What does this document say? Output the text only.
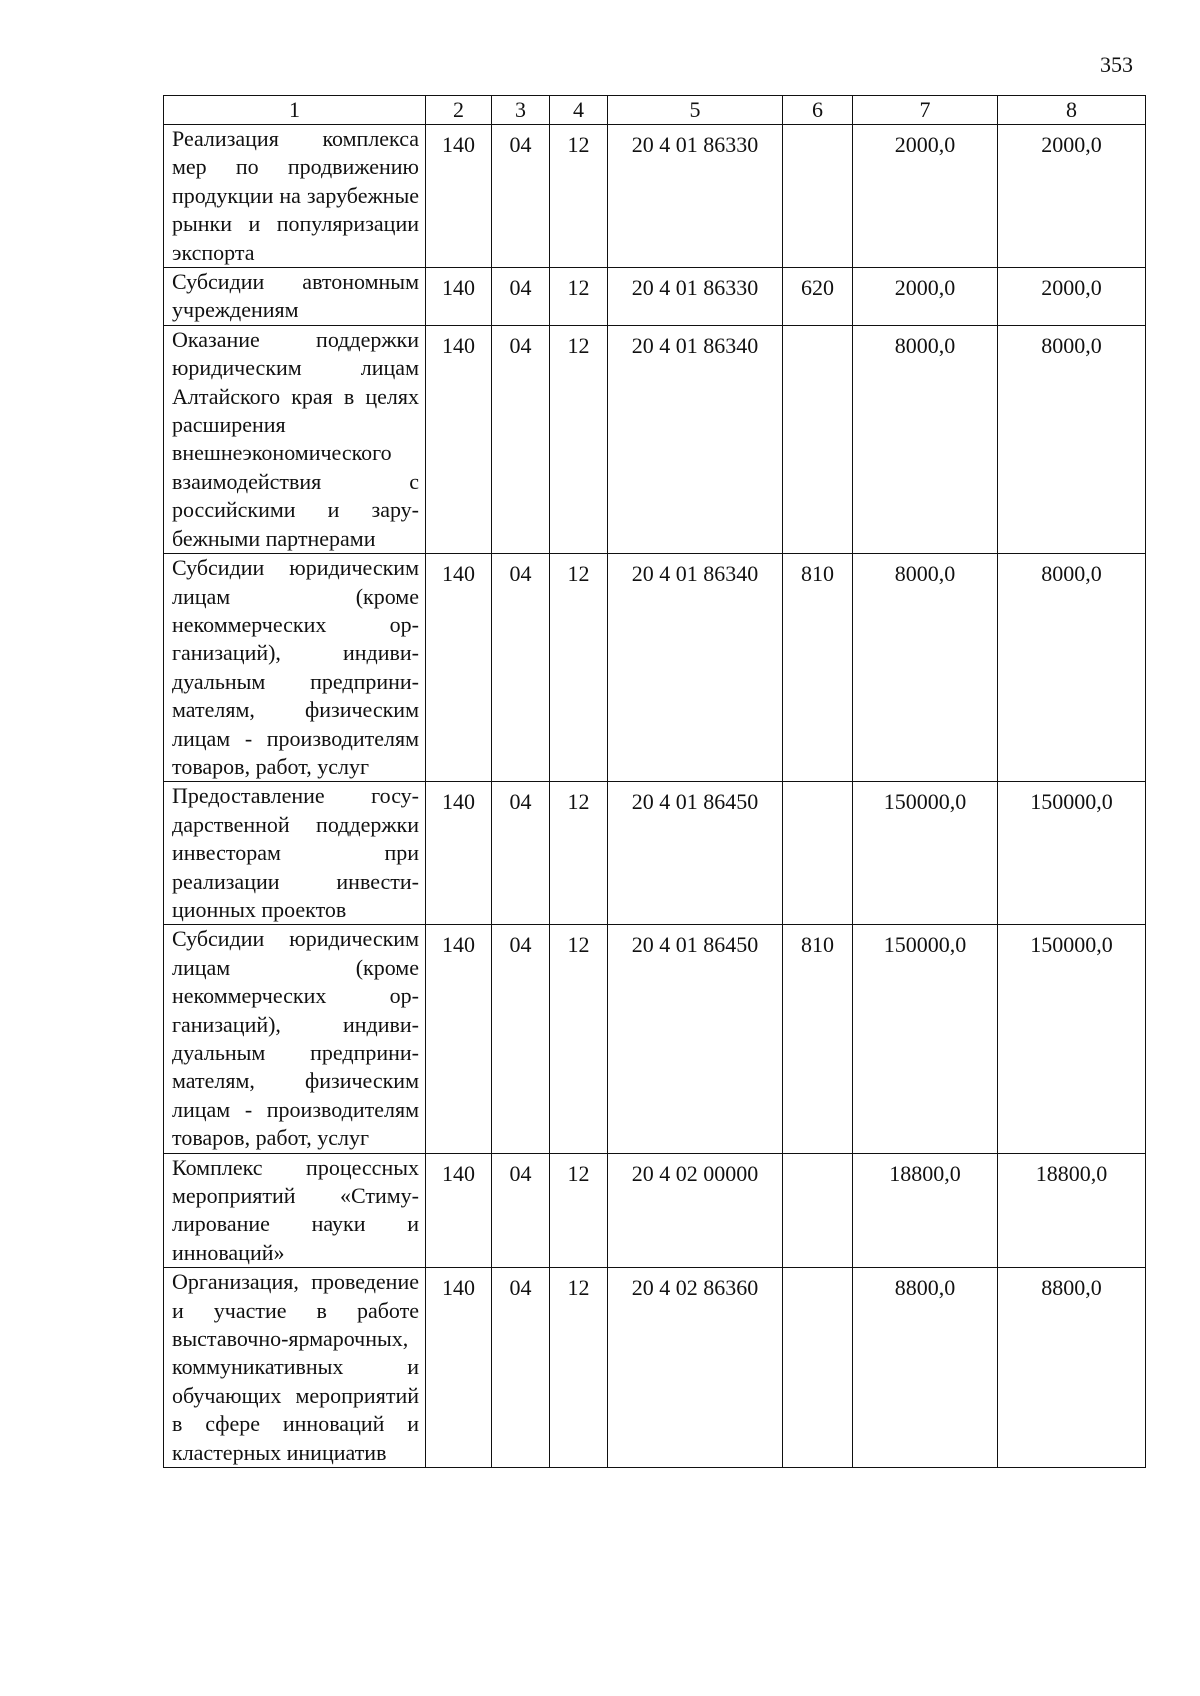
353
1	2	3	4	5	6	7	8
Реализация комплекса мер по продвижению продукции на зарубежные рынки и популяризации экспорта	140	04	12	20 4 01 86330		2000,0	2000,0
Субсидии автономным учреждениям	140	04	12	20 4 01 86330	620	2000,0	2000,0
Оказание поддержки юридическим лицам Алтайского края в целях расширения внешнеэкономического взаимодействия с российскими и зарубежными партнерами	140	04	12	20 4 01 86340		8000,0	8000,0
Субсидии юридическим лицам (кроме некоммерческих организаций), индивидуальным предпринимателям, физическим лицам - производителям товаров, работ, услуг	140	04	12	20 4 01 86340	810	8000,0	8000,0
Предоставление государственной поддержки инвесторам при реализации инвестиционных проектов	140	04	12	20 4 01 86450		150000,0	150000,0
Субсидии юридическим лицам (кроме некоммерческих организаций), индивидуальным предпринимателям, физическим лицам - производителям товаров, работ, услуг	140	04	12	20 4 01 86450	810	150000,0	150000,0
Комплекс процессных мероприятий «Стимулирование науки и инноваций»	140	04	12	20 4 02 00000		18800,0	18800,0
Организация, проведение и участие в работе выставочно-ярмарочных, коммуникативных и обучающих мероприятий в сфере инноваций и кластерных инициатив	140	04	12	20 4 02 86360		8800,0	8800,0
